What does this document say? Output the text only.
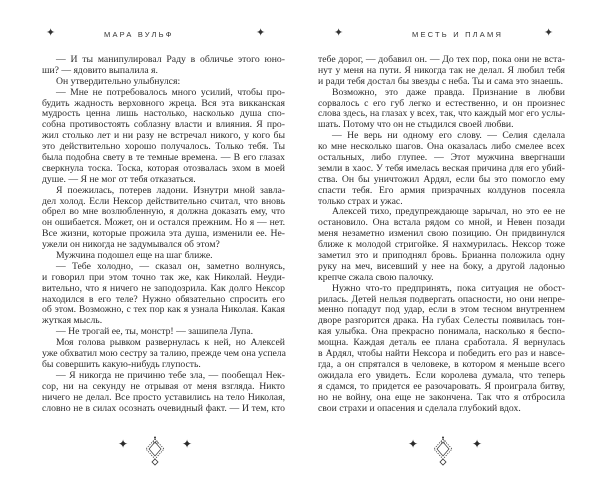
✦	МАРА ВУЛЬФ	✦
— И ты манипулировал Раду в обличье этого юно-
ши? — ядовито выпалила я.
Он утвердительно улыбнулся:
— Мне не потребовалось много усилий, чтобы про-
будить жадность верховного жреца. Вся эта викканская
мудрость ценна лишь настолько, насколько душа спо-
собна противостоять соблазну власти и влияния. Я про-
жил столько лет и ни разу не встречал никого, у кого бы
это действительно хорошо получалось. Только тебя. Ты
была подобна свету в те темные времена. — В его глазах
сверкнула тоска. Тоска, которая отозвалась эхом в моей
душе. — Я не мог от тебя отказаться.
Я поежилась, потерев ладони. Изнутри мной завла-
дел холод. Если Нексор действительно считал, что вновь
обрел во мне возлюбленную, я должна доказать ему, что
он ошибается. Может, он и остался прежним. Но я — нет.
Все жизни, которые прожила эта душа, изменили ее. Не-
ужели он никогда не задумывался об этом?
Мужчина подошел еще на шаг ближе.
— Тебе холодно, — сказал он, заметно волнуясь,
и говорил при этом точно так же, как Николай. Неуди-
вительно, что я ничего не заподозрила. Как долго Нексор
находился в его теле? Нужно обязательно спросить его
об этом. Возможно, с тех пор как я узнала Николая. Какая
жуткая мысль.
— Не трогай ее, ты, монстр! — зашипела Лупа.
Моя голова рывком развернулась к ней, но Алексей
уже обхватил мою сестру за талию, прежде чем она успела
бы совершить какую-нибудь глупость.
— Я никогда не причиню тебе зла, — пообещал Нек-
сор, ни на секунду не отрывая от меня взгляда. Никто
ничего не делал. Все просто уставились на тело Николая,
словно не в силах осознать очевидный факт. — И тем, кто
✦	16	✦
✦	МЕСТЬ И ПЛАМЯ	✦
тебе дорог, — добавил он. — До тех пор, пока они не вста-
нут у меня на пути. Я никогда так не делал. Я любил тебя
и ради тебя достал бы звезды с неба. Ты и сама это знаешь.
Возможно, это даже правда. Признание в любви
сорвалось с его губ легко и естественно, и он произнес
слова здесь, на глазах у всех, так, что каждый мог его услы-
шать. Потому что он не стыдился своей любви.
— Не верь ни одному его слову. — Селия сделала
ко мне несколько шагов. Она оказалась либо смелее всех
остальных, либо глупее. — Этот мужчина ввергнаши
земли в хаос. У тебя имелась веская причина для его убий-
ства. Он бы уничтожил Ардял, если бы это помогло ему
спасти тебя. Его армия призрачных колдунов посеяла
только страх и ужас.
Алексей тихо, предупреждающе зарычал, но это ее не
остановило. Она встала рядом со мной, и Невен позади
меня незаметно изменил свою позицию. Он придвинулся
ближе к молодой стригойке. Я нахмурилась. Нексор тоже
заметил это и приподнял бровь. Брианна положила одну
руку на меч, висевший у нее на боку, а другой ладонью
крепче сжала свою палочку.
Нужно что-то предпринять, пока ситуация не обост-
рилась. Детей нельзя подвергать опасности, но они непре-
менно попадут под удар, если в этом тесном внутреннем
дворе разгорится драка. На губах Селесты появилась тон-
кая улыбка. Она прекрасно понимала, насколько я беспо-
мощна. Каждая деталь ее плана сработала. Я вернулась
в Ардял, чтобы найти Нексора и победить его раз и навсе-
гда, а он спрятался в человеке, в котором я меньше всего
ожидала его увидеть. Если королева думала, что теперь
я сдамся, то придется ее разочаровать. Я проиграла битву,
но не войну, она еще не закончена. Так что я отбросила
свои страхи и опасения и сделала глубокий вдох.
✦	17	✦
